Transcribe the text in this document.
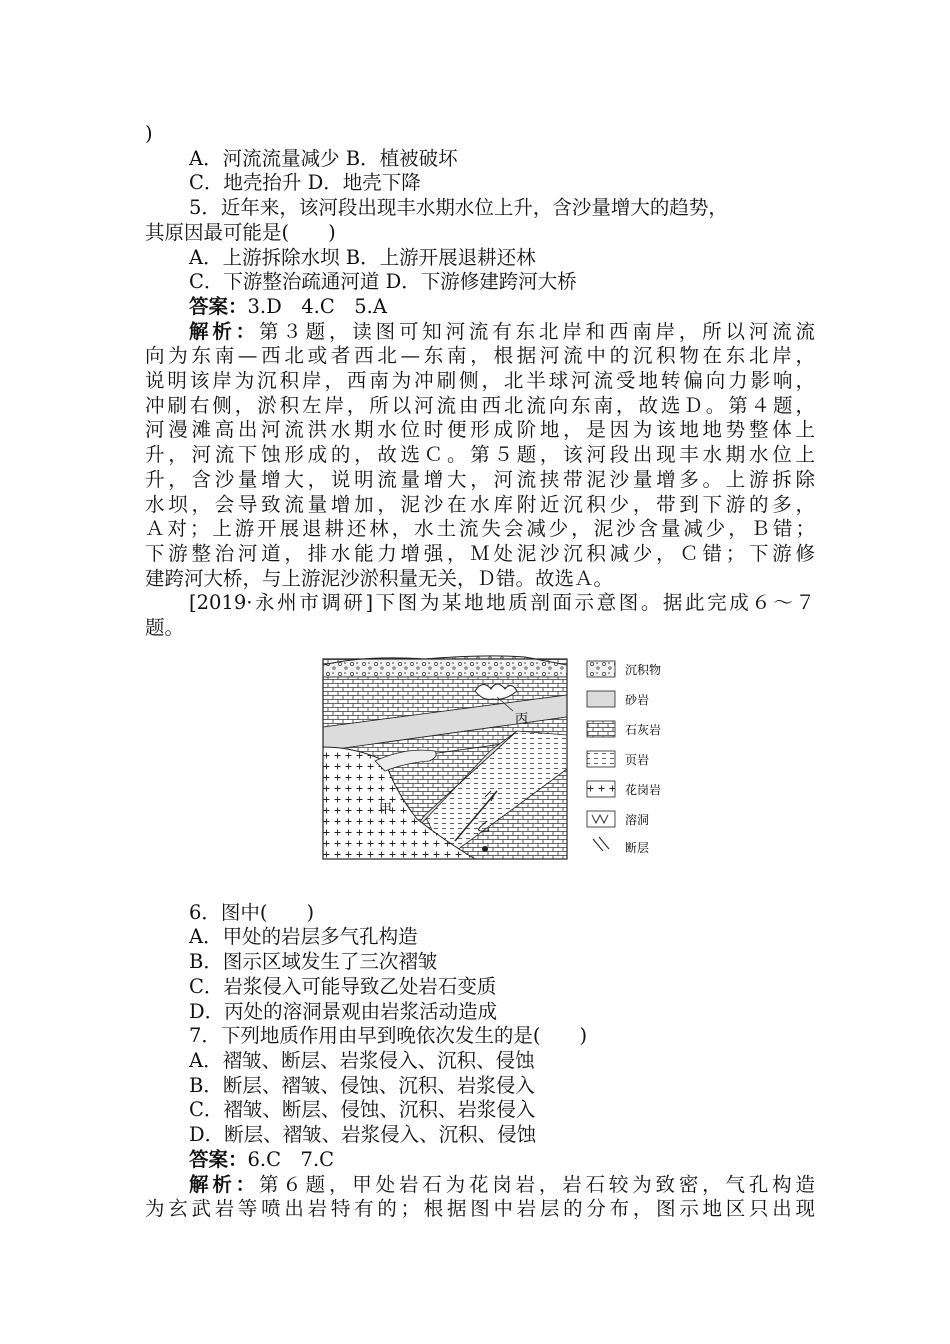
)
A．河流流量减少 B．植被破坏
C．地壳抬升 D．地壳下降
5．近年来，该河段出现丰水期水位上升，含沙量增大的趋势，
其原因最可能是(　　)
A．上游拆除水坝 B．上游开展退耕还林
C．下游整治疏通河道 D．下游修建跨河大桥
答案：3.D　4.C　5.A
解析：第３题，读图可知河流有东北岸和西南岸，所以河流流
向为东南—西北或者西北—东南，根据河流中的沉积物在东北岸，
说明该岸为沉积岸，西南为冲刷侧，北半球河流受地转偏向力影响，
冲刷右侧，淤积左岸，所以河流由西北流向东南，故选Ｄ。第４题，
河漫滩高出河流洪水期水位时便形成阶地，是因为该地地势整体上
升，河流下蚀形成的，故选Ｃ。第５题，该河段出现丰水期水位上
升，含沙量增大，说明流量增大，河流挟带泥沙量增多。上游拆除
水坝，会导致流量增加，泥沙在水库附近沉积少，带到下游的多，
Ａ对；上游开展退耕还林，水土流失会减少，泥沙含量减少，Ｂ错；
下游整治河道，排水能力增强，Ｍ处泥沙沉积减少，Ｃ错；下游修
建跨河大桥，与上游泥沙淤积量无关，Ｄ错。故选Ａ。
[2019·永州市调研]下图为某地地质剖面示意图。据此完成６～７
题。
甲
乙
丙
沉积物
砂岩
石灰岩
页岩
花岗岩
溶洞
断层
6．图中(　　)
A．甲处的岩层多气孔构造
B．图示区域发生了三次褶皱
C．岩浆侵入可能导致乙处岩石变质
D．丙处的溶洞景观由岩浆活动造成
7．下列地质作用由早到晚依次发生的是(　　)
A．褶皱、断层、岩浆侵入、沉积、侵蚀
B．断层、褶皱、侵蚀、沉积、岩浆侵入
C．褶皱、断层、侵蚀、沉积、岩浆侵入
D．断层、褶皱、岩浆侵入、沉积、侵蚀
答案：6.C　7.C
解析：第６题，甲处岩石为花岗岩，岩石较为致密，气孔构造
为玄武岩等喷出岩特有的；根据图中岩层的分布，图示地区只出现
